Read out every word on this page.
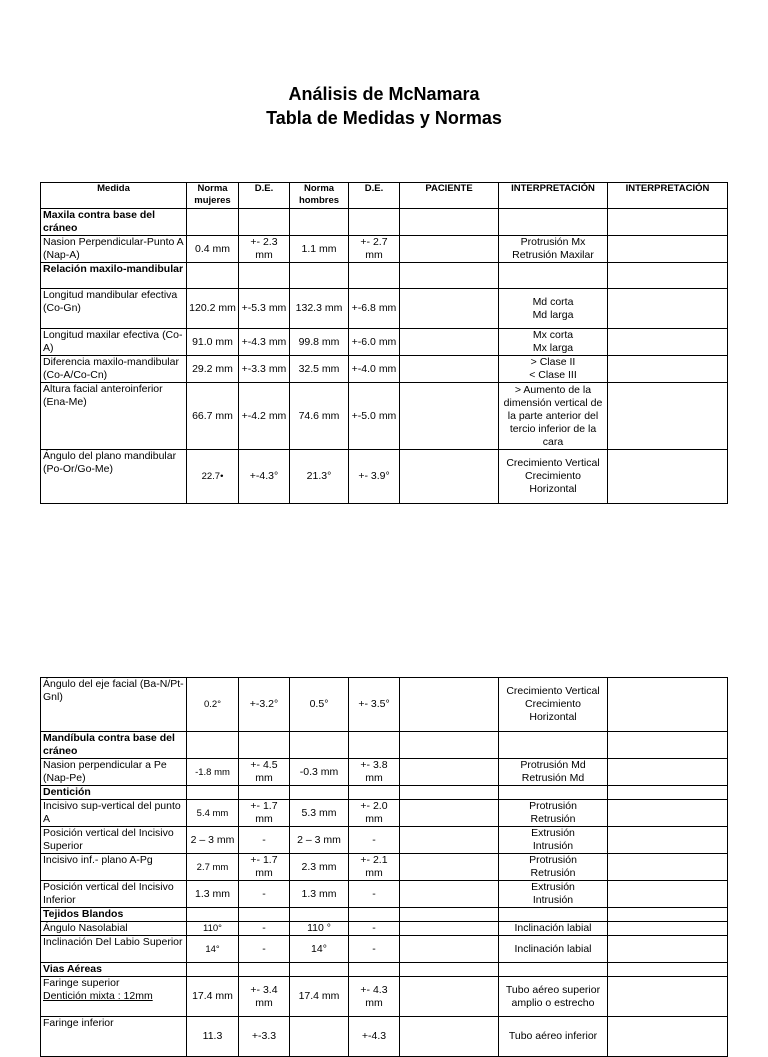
Análisis de McNamara
Tabla de Medidas y Normas
Medida	Norma mujeres	D.E.	Norma hombres	D.E.	PACIENTE	INTERPRETACIÓN	INTERPRETACIÓN
Maxila contra base del cráneo							

Nasion Perpendicular-Punto A (Nap-A)	0.4 mm	+- 2.3 mm	1.1 mm	+- 2.7 mm		Protrusión Mx
Retrusión Maxilar	

Relación maxilo-mandibular							

Longitud mandibular efectiva (Co-Gn)	120.2 mm	+-5.3 mm	132.3 mm	+-6.8 mm		Md corta
Md larga	

Longitud maxilar efectiva (Co-A)	91.0 mm	+-4.3 mm	99.8 mm	+-6.0 mm		Mx corta
Mx larga	

Diferencia maxilo-mandibular (Co-A/Co-Cn)	29.2 mm	+-3.3 mm	32.5 mm	+-4.0 mm		> Clase II
< Clase III	

Altura facial anteroinferior (Ena-Me)	66.7 mm	+-4.2 mm	74.6 mm	+-5.0 mm		> Aumento de la dimensión vertical de la parte anterior del tercio inferior de la cara	

Ángulo del plano mandibular (Po-Or/Go-Me)	22.7•	+-4.3°	21.3°	+- 3.9°		Crecimiento Vertical
Crecimiento Horizontal	

Ángulo del eje facial (Ba-N/Pt-Gnl)	0.2°	+-3.2°	0.5°	+- 3.5°		Crecimiento Vertical
Crecimiento Horizontal	

Mandíbula contra base del cráneo							

Nasion perpendicular a Pe (Nap-Pe)	-1.8 mm	+- 4.5 mm	-0.3 mm	+- 3.8 mm		Protrusión Md
Retrusión Md	

Dentición							

Incisivo sup-vertical del punto A	5.4 mm	+- 1.7 mm	5.3 mm	+- 2.0 mm		Protrusión
Retrusión	

Posición vertical del Incisivo Superior	2 – 3 mm	-	2 – 3 mm	-		Extrusión
Intrusión	

Incisivo inf.- plano A-Pg	2.7 mm	+- 1.7 mm	2.3 mm	+- 2.1 mm		Protrusión
Retrusión	

Posición vertical del Incisivo Inferior	1.3 mm	-	1.3 mm	-		Extrusión
Intrusión	

Tejidos Blandos							

Ángulo Nasolabial	110°	-	110 °	-		Inclinación labial	

Inclinación Del Labio Superior	14°	-	14°	-		Inclinación labial	

Vias Aéreas							

Faringe superior
Dentición mixta : 12mm	17.4 mm	+- 3.4 mm	17.4 mm	+- 4.3 mm		Tubo aéreo superior amplio o estrecho	

Faringe inferior	11.3	+-3.3		+-4.3		Tubo aéreo inferior	
